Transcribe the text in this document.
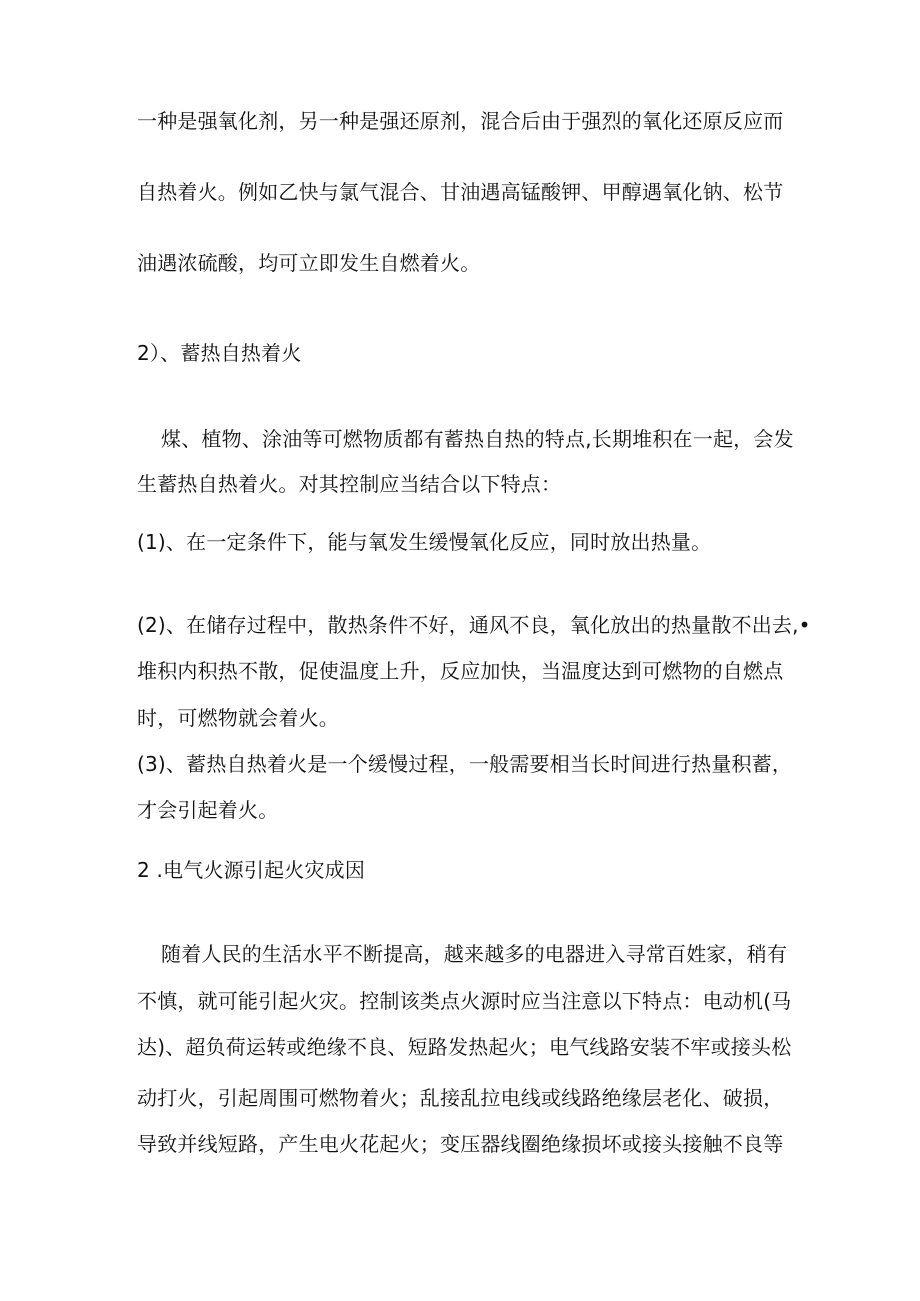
一种是强氧化剂，另一种是强还原剂，混合后由于强烈的氧化还原反应而
自热着火。例如乙快与氯气混合、甘油遇高锰酸钾、甲醇遇氧化钠、松节
油遇浓硫酸，均可立即发生自燃着火。
2）、蓄热自热着火
煤、植物、涂油等可燃物质都有蓄热自热的特点,长期堆积在一起，会发
生蓄热自热着火。对其控制应当结合以下特点：
(1)、在一定条件下，能与氧发生缓慢氧化反应，同时放出热量。
(2)、在储存过程中，散热条件不好，通风不良，氧化放出的热量散不出去,•
堆积内积热不散，促使温度上升，反应加快，当温度达到可燃物的自燃点
时，可燃物就会着火。
(3)、蓄热自热着火是一个缓慢过程，一般需要相当长时间进行热量积蓄，
才会引起着火。
2 .电气火源引起火灾成因
随着人民的生活水平不断提高，越来越多的电器进入寻常百姓家，稍有
不慎，就可能引起火灾。控制该类点火源时应当注意以下特点：电动机(马
达)、超负荷运转或绝缘不良、短路发热起火；电气线路安装不牢或接头松
动打火，引起周围可燃物着火；乱接乱拉电线或线路绝缘层老化、破损，
导致并线短路，产生电火花起火；变压器线圈绝缘损坏或接头接触不良等
